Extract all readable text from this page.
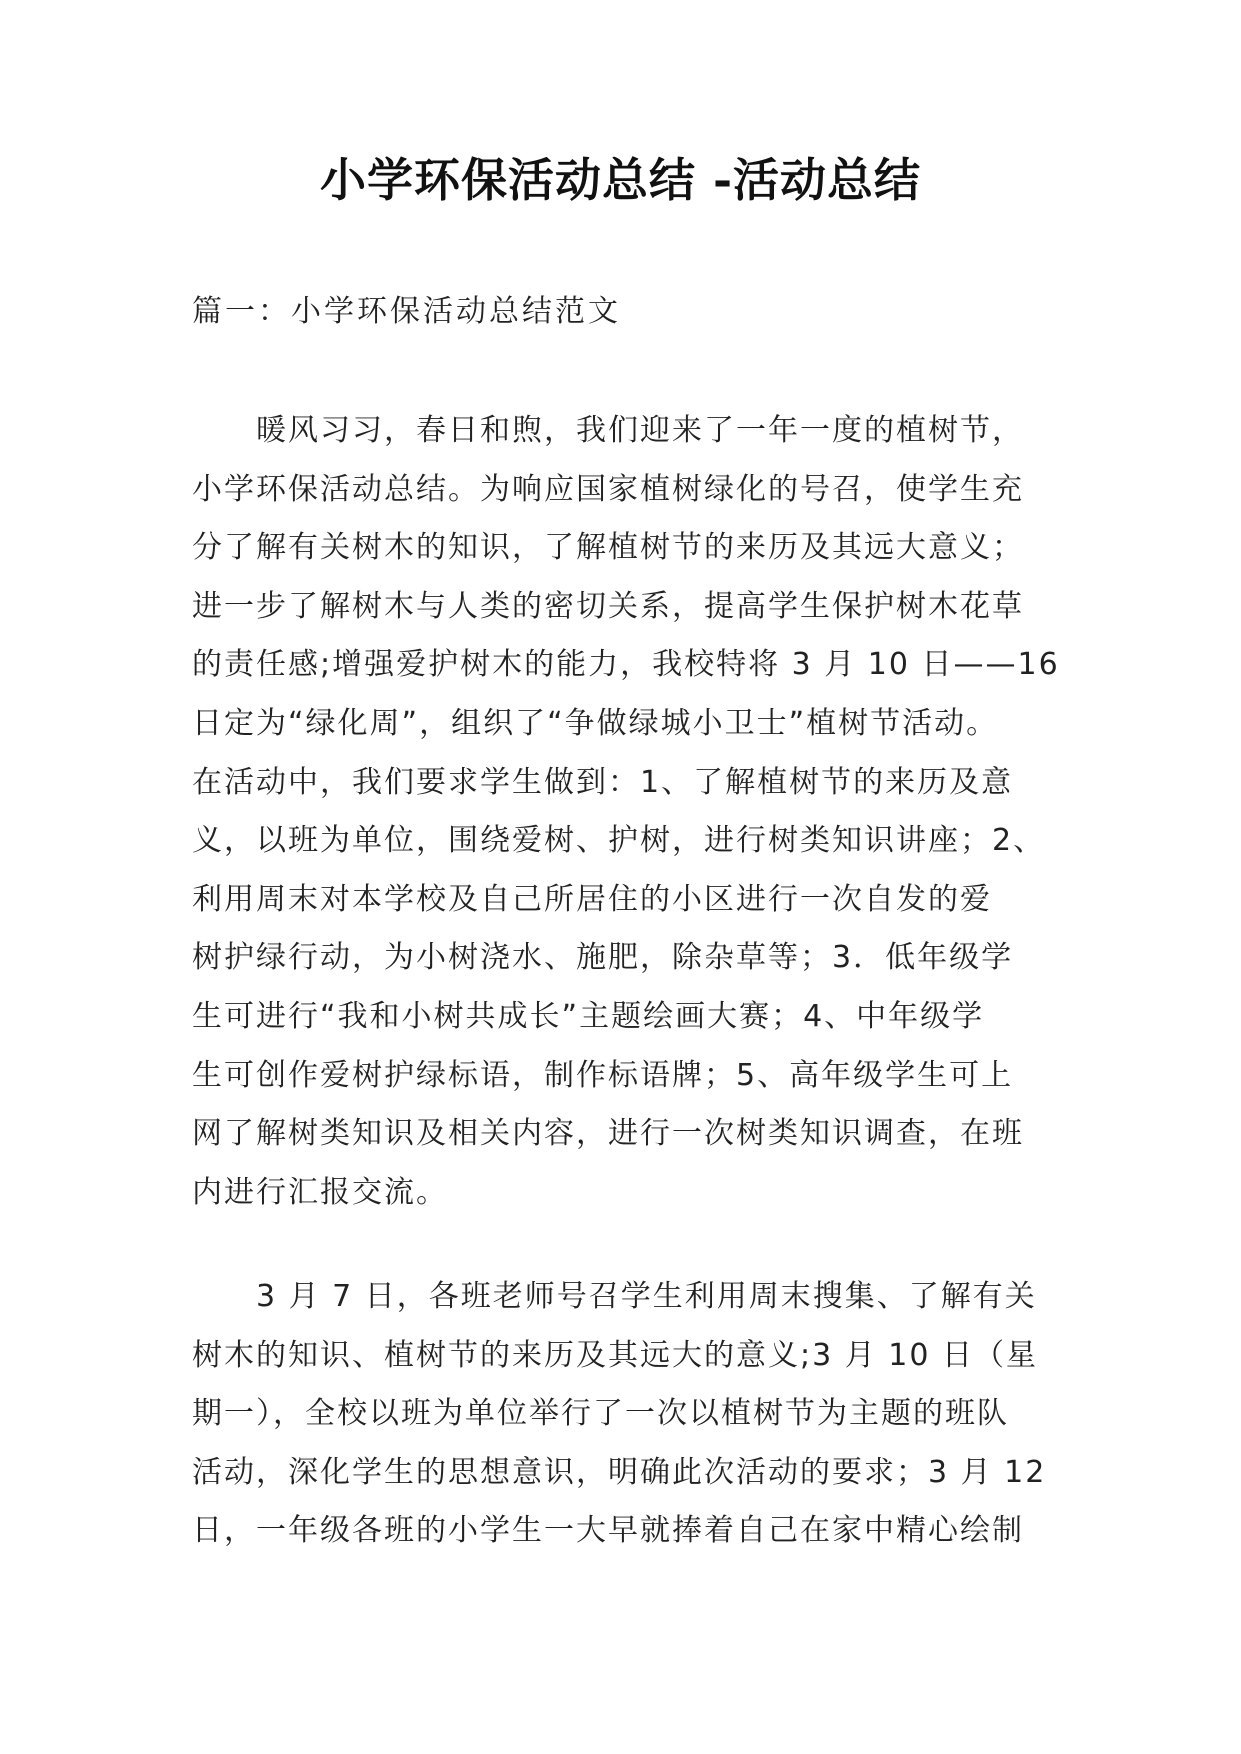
小学环保活动总结 -活动总结
篇一：小学环保活动总结范文
　　暖风习习，春日和煦，我们迎来了一年一度的植树节，
小学环保活动总结。为响应国家植树绿化的号召，使学生充
分了解有关树木的知识，了解植树节的来历及其远大意义；
进一步了解树木与人类的密切关系，提高学生保护树木花草
的责任感;增强爱护树木的能力，我校特将 3 月 10 日——16
日定为“绿化周”，组织了“争做绿城小卫士”植树节活动。
在活动中，我们要求学生做到：1、了解植树节的来历及意
义，以班为单位，围绕爱树、护树，进行树类知识讲座；2、
利用周末对本学校及自己所居住的小区进行一次自发的爱
树护绿行动，为小树浇水、施肥，除杂草等；3．低年级学
生可进行“我和小树共成长”主题绘画大赛；4、中年级学
生可创作爱树护绿标语，制作标语牌；5、高年级学生可上
网了解树类知识及相关内容，进行一次树类知识调查，在班
内进行汇报交流。
　　3 月 7 日，各班老师号召学生利用周末搜集、了解有关
树木的知识、植树节的来历及其远大的意义;3 月 10 日（星
期一），全校以班为单位举行了一次以植树节为主题的班队
活动，深化学生的思想意识，明确此次活动的要求；3 月 12
日，一年级各班的小学生一大早就捧着自己在家中精心绘制
